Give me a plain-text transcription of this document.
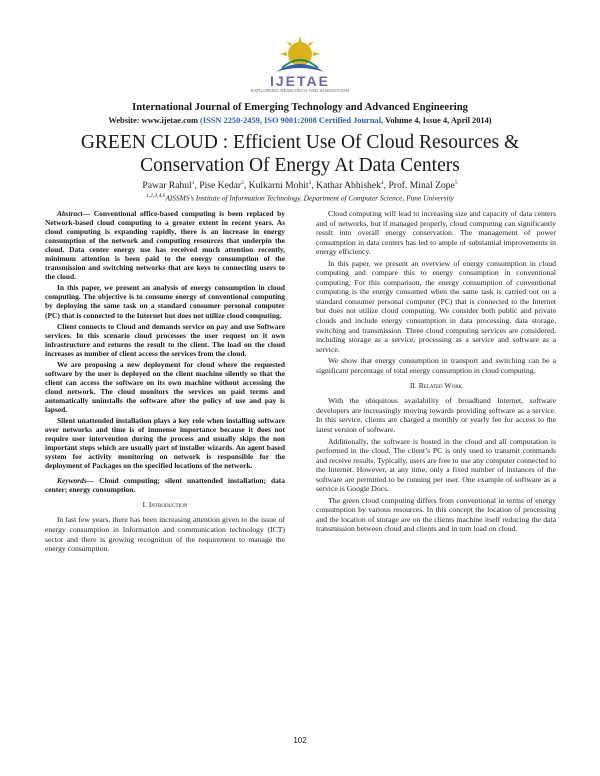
IJETAE
EXPLORING RESEARCH AND INNOVATION
International Journal of Emerging Technology and Advanced Engineering
Website: www.ijetae.com (ISSN 2250-2459, ISO 9001:2008 Certified Journal, Volume 4, Issue 4, April 2014)
GREEN CLOUD : Efficient Use Of Cloud Resources &
Conservation Of Energy At Data Centers
Pawar Rahul$^1$, Pise Kedar$^2$, Kulkarni Mohit$^3$, Kathar Abhishek$^4$, Prof. Minal Zope$^5$
$^{1,2,3,4,5}$AISSMS’s Institute of Information Technology, Department of Computer Science, Pune University

Abstract— Conventional office-based computing is been replaced by Network-based cloud computing to a greater extent in recent years. As cloud computing is expanding rapidly, there is an increase in energy consumption of the network and computing resources that underpin the cloud. Data center energy use has received much attention recently, minimum attention is been paid to the energy consumption of the transmission and switching networks that are keys to connecting users to the cloud.

In this paper, we present an analysis of energy consumption in cloud computing. The objective is to consume energy of conventional computing by deploying the same task on a standard consumer personal computer (PC) that is connected to the Internet but does not utilize cloud computing.

Client connects to Cloud and demands service on pay and use Software services. In this scenario cloud processes the user request on it own infrastructure and returns the result to the client. The load on the cloud increases as number of client access the services from the cloud.

We are proposing a new deployment for cloud where the requested software by the user is deployed on the client machine silently so that the client can access the software on its own machine without accessing the cloud network. The cloud monitors the services on paid terms and automatically uninstalls the software after the policy of use and pay is lapsed.

Silent unattended installation plays a key role when installing software over networks and time is of immense importance because it does not require user intervention during the process and usually skips the non important steps which are usually part of installer wizards. An agent based system for activity monitoring on network is responsible for the deployment of Packages on the specified locations of the network.

Keywords— Cloud computing; silent unattended installation; data center; energy consumption.

I. Introduction

In last few years, there has been increasing attention given to the issue of energy consumption in Information and communication technology (ICT) sector and there is growing recognition of the requirement to manage the energy consumption.

Cloud computing will lead to increasing size and capacity of data centers and of networks, but if managed properly, cloud computing can significantly result into overall energy conservation. The management of power consumption in data centers has led to ample of substantial improvements in energy efficiency.

In this paper, we present an overview of energy consumption in cloud computing and compare this to energy consumption in conventional computing. For this comparison, the energy consumption of conventional computing is the energy consumed when the same task is carried out on a standard consumer personal computer (PC) that is connected to the Internet but does not utilize cloud computing. We consider both public and private clouds and include energy consumption in data processing, data storage, switching and transmission. Three cloud computing services are considered, including storage as a service, processing as a service and software as a service.

We show that energy consumption in transport and switching can be a significant percentage of total energy consumption in cloud computing.

II. Related Work

With the ubiquitous availability of broadband Internet, software developers are increasingly moving towards providing software as a service. In this service, clients are charged a monthly or yearly fee for access to the latest version of software.

Additionally, the software is hosted in the cloud and all computation is performed in the cloud. The client’s PC is only used to transmit commands and receive results. Typically, users are free to use any computer connected to the Internet. However, at any time, only a fixed number of instances of the software are permitted to be running per user. One example of software as a service is Google Docs.

The green cloud computing differs from conventional in terms of energy consumption by various resources. In this concept the location of processing and the location of storage are on the clients machine itself reducing the data transmission between cloud and clients and in turn load on cloud.

102
